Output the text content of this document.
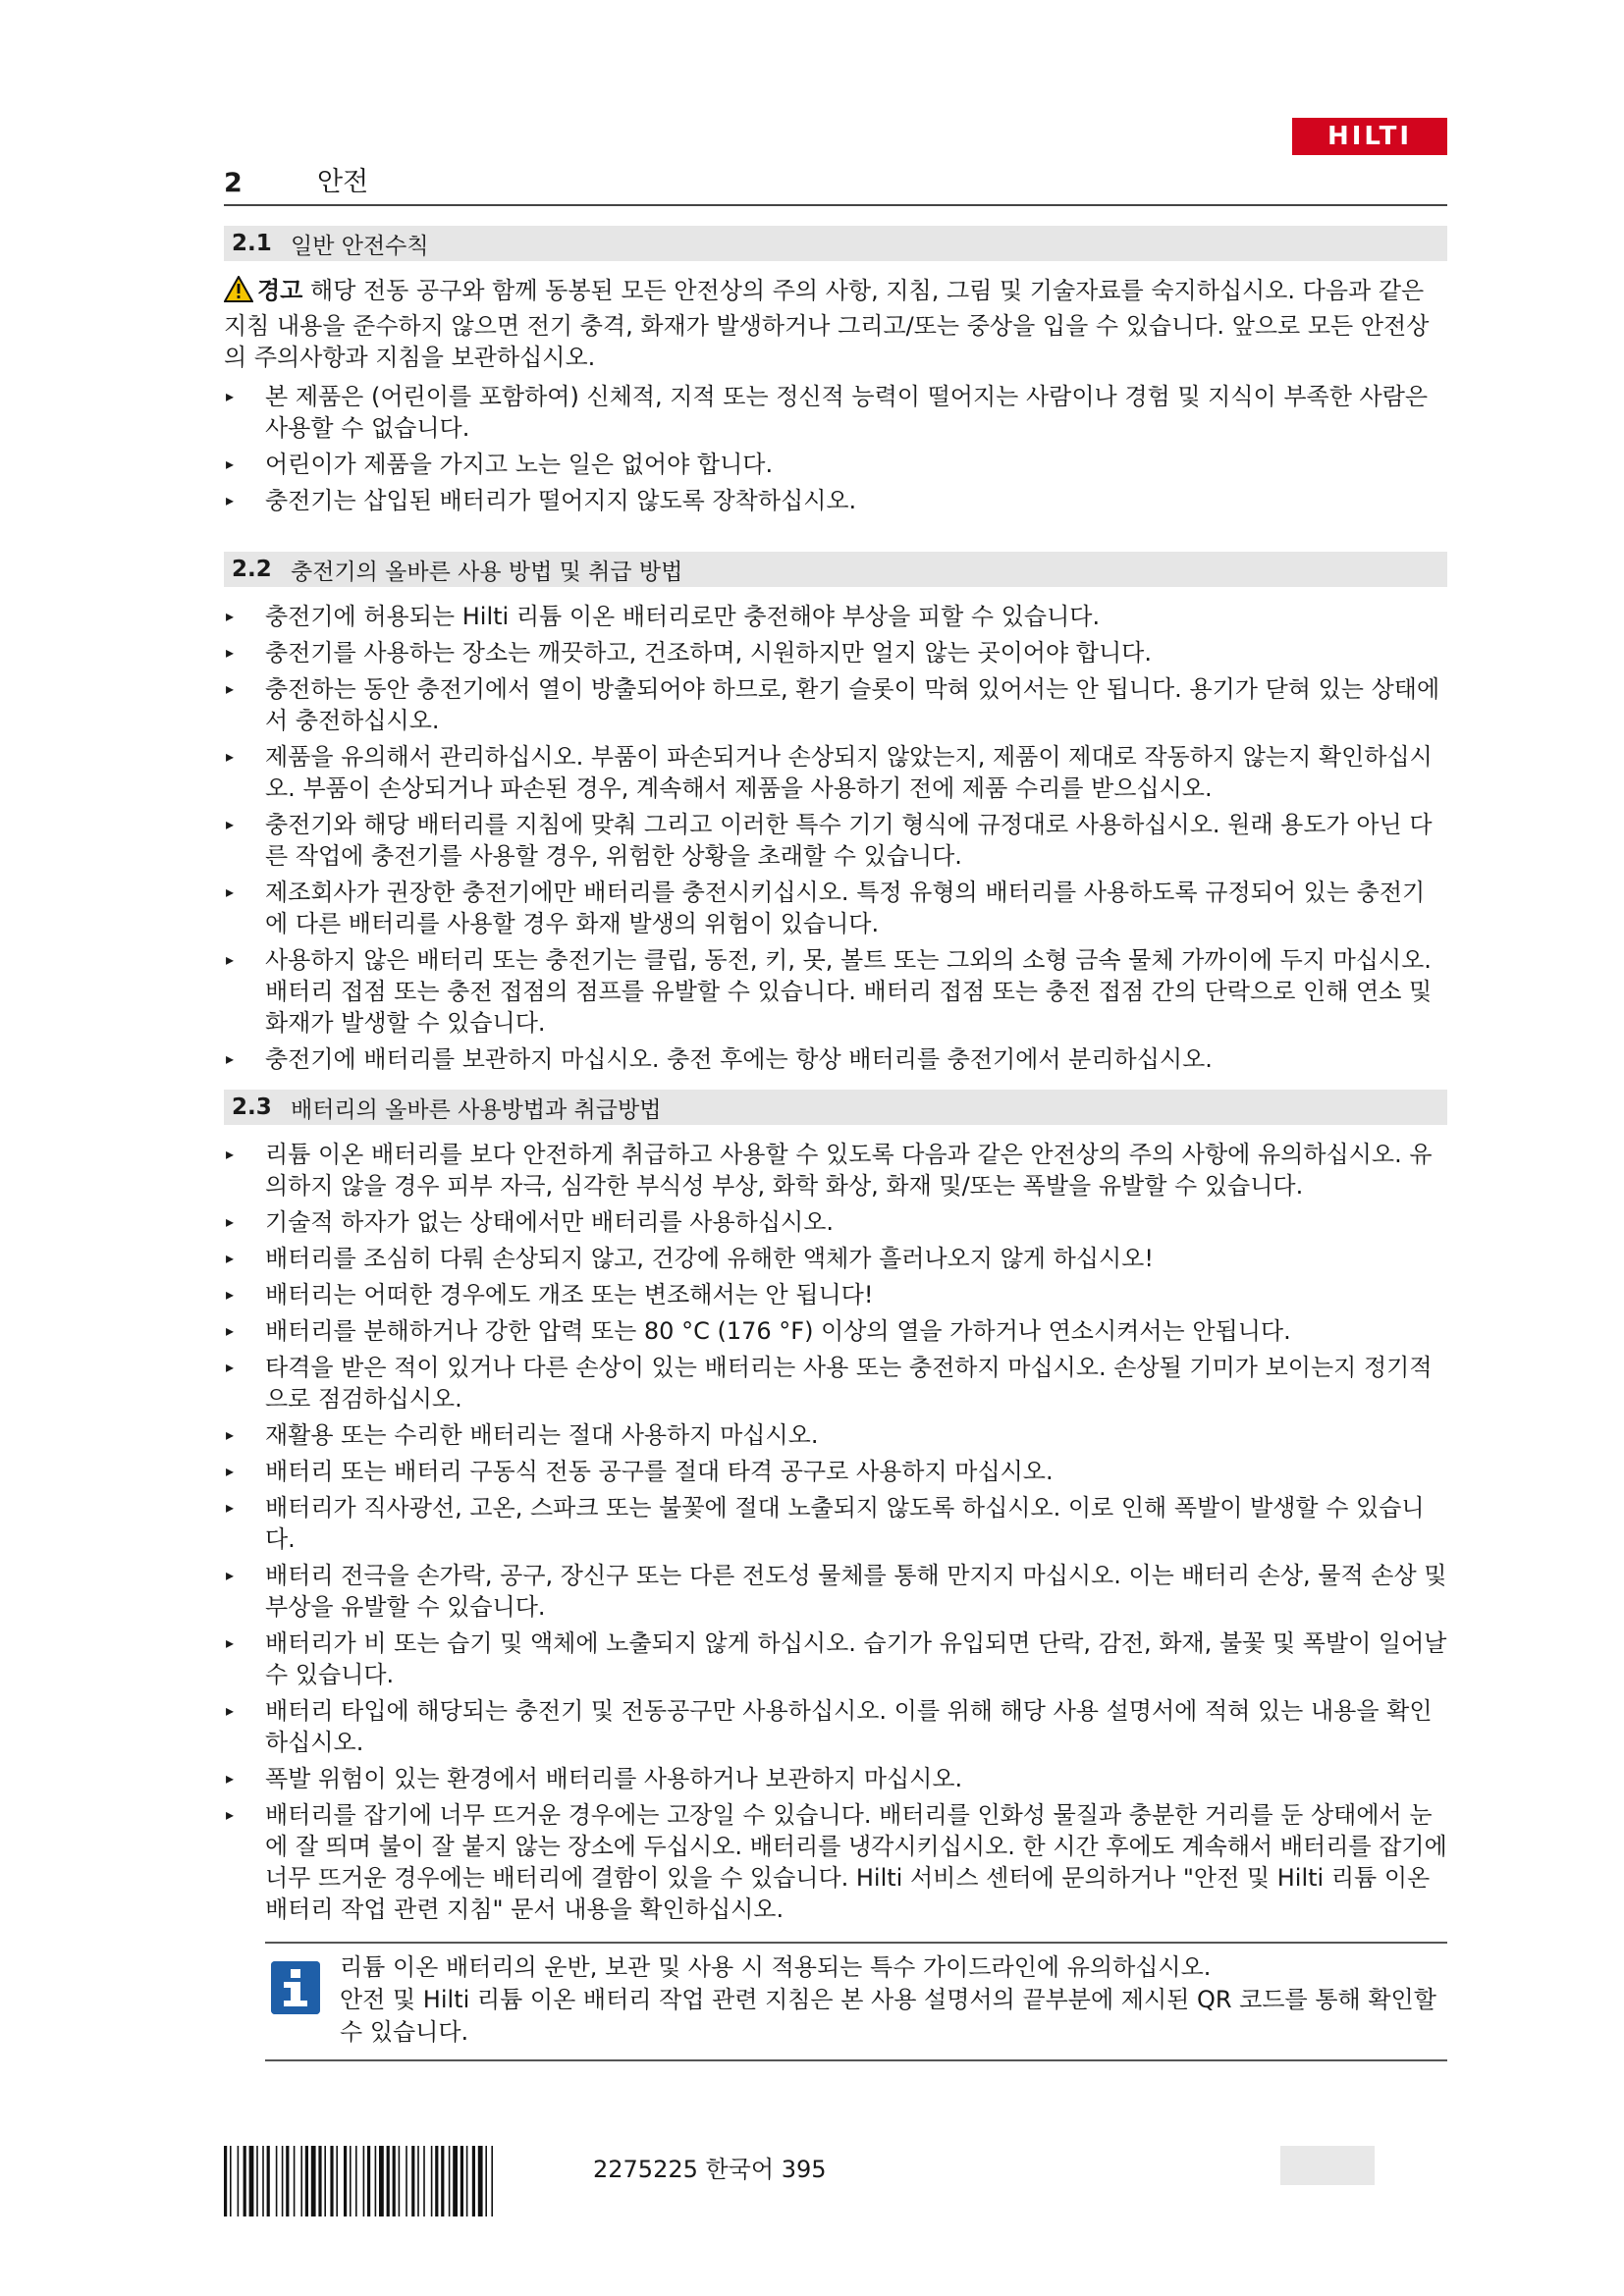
HILTI
2	안전
2.1 일반 안전수칙
경고 해당 전동 공구와 함께 동봉된 모든 안전상의 주의 사항, 지침, 그림 및 기술자료를 숙지하십시오. 다음과 같은 지침 내용을 준수하지 않으면 전기 충격, 화재가 발생하거나 그리고/또는 중상을 입을 수 있습니다. 앞으로 모든 안전상의 주의사항과 지침을 보관하십시오.
▸ 본 제품은 (어린이를 포함하여) 신체적, 지적 또는 정신적 능력이 떨어지는 사람이나 경험 및 지식이 부족한 사람은 사용할 수 없습니다.
▸ 어린이가 제품을 가지고 노는 일은 없어야 합니다.
▸ 충전기는 삽입된 배터리가 떨어지지 않도록 장착하십시오.
2.2 충전기의 올바른 사용 방법 및 취급 방법
▸ 충전기에 허용되는 Hilti 리튬 이온 배터리로만 충전해야 부상을 피할 수 있습니다.
▸ 충전기를 사용하는 장소는 깨끗하고, 건조하며, 시원하지만 얼지 않는 곳이어야 합니다.
▸ 충전하는 동안 충전기에서 열이 방출되어야 하므로, 환기 슬롯이 막혀 있어서는 안 됩니다. 용기가 닫혀 있는 상태에서 충전하십시오.
▸ 제품을 유의해서 관리하십시오. 부품이 파손되거나 손상되지 않았는지, 제품이 제대로 작동하지 않는지 확인하십시오. 부품이 손상되거나 파손된 경우, 계속해서 제품을 사용하기 전에 제품 수리를 받으십시오.
▸ 충전기와 해당 배터리를 지침에 맞춰 그리고 이러한 특수 기기 형식에 규정대로 사용하십시오. 원래 용도가 아닌 다른 작업에 충전기를 사용할 경우, 위험한 상황을 초래할 수 있습니다.
▸ 제조회사가 권장한 충전기에만 배터리를 충전시키십시오. 특정 유형의 배터리를 사용하도록 규정되어 있는 충전기에 다른 배터리를 사용할 경우 화재 발생의 위험이 있습니다.
▸ 사용하지 않은 배터리 또는 충전기는 클립, 동전, 키, 못, 볼트 또는 그외의 소형 금속 물체 가까이에 두지 마십시오. 배터리 접점 또는 충전 접점의 점프를 유발할 수 있습니다. 배터리 접점 또는 충전 접점 간의 단락으로 인해 연소 및 화재가 발생할 수 있습니다.
▸ 충전기에 배터리를 보관하지 마십시오. 충전 후에는 항상 배터리를 충전기에서 분리하십시오.
2.3 배터리의 올바른 사용방법과 취급방법
▸ 리튬 이온 배터리를 보다 안전하게 취급하고 사용할 수 있도록 다음과 같은 안전상의 주의 사항에 유의하십시오. 유의하지 않을 경우 피부 자극, 심각한 부식성 부상, 화학 화상, 화재 및/또는 폭발을 유발할 수 있습니다.
▸ 기술적 하자가 없는 상태에서만 배터리를 사용하십시오.
▸ 배터리를 조심히 다뤄 손상되지 않고, 건강에 유해한 액체가 흘러나오지 않게 하십시오!
▸ 배터리는 어떠한 경우에도 개조 또는 변조해서는 안 됩니다!
▸ 배터리를 분해하거나 강한 압력 또는 80 °C (176 °F) 이상의 열을 가하거나 연소시켜서는 안됩니다.
▸ 타격을 받은 적이 있거나 다른 손상이 있는 배터리는 사용 또는 충전하지 마십시오. 손상될 기미가 보이는지 정기적으로 점검하십시오.
▸ 재활용 또는 수리한 배터리는 절대 사용하지 마십시오.
▸ 배터리 또는 배터리 구동식 전동 공구를 절대 타격 공구로 사용하지 마십시오.
▸ 배터리가 직사광선, 고온, 스파크 또는 불꽃에 절대 노출되지 않도록 하십시오. 이로 인해 폭발이 발생할 수 있습니다.
▸ 배터리 전극을 손가락, 공구, 장신구 또는 다른 전도성 물체를 통해 만지지 마십시오. 이는 배터리 손상, 물적 손상 및 부상을 유발할 수 있습니다.
▸ 배터리가 비 또는 습기 및 액체에 노출되지 않게 하십시오. 습기가 유입되면 단락, 감전, 화재, 불꽃 및 폭발이 일어날 수 있습니다.
▸ 배터리 타입에 해당되는 충전기 및 전동공구만 사용하십시오. 이를 위해 해당 사용 설명서에 적혀 있는 내용을 확인하십시오.
▸ 폭발 위험이 있는 환경에서 배터리를 사용하거나 보관하지 마십시오.
▸ 배터리를 잡기에 너무 뜨거운 경우에는 고장일 수 있습니다. 배터리를 인화성 물질과 충분한 거리를 둔 상태에서 눈에 잘 띄며 불이 잘 붙지 않는 장소에 두십시오. 배터리를 냉각시키십시오. 한 시간 후에도 계속해서 배터리를 잡기에 너무 뜨거운 경우에는 배터리에 결함이 있을 수 있습니다. Hilti 서비스 센터에 문의하거나 "안전 및 Hilti 리튬 이온 배터리 작업 관련 지침" 문서 내용을 확인하십시오.
리튬 이온 배터리의 운반, 보관 및 사용 시 적용되는 특수 가이드라인에 유의하십시오.
안전 및 Hilti 리튬 이온 배터리 작업 관련 지침은 본 사용 설명서의 끝부분에 제시된 QR 코드를 통해 확인할 수 있습니다.
2275225 한국어 395
